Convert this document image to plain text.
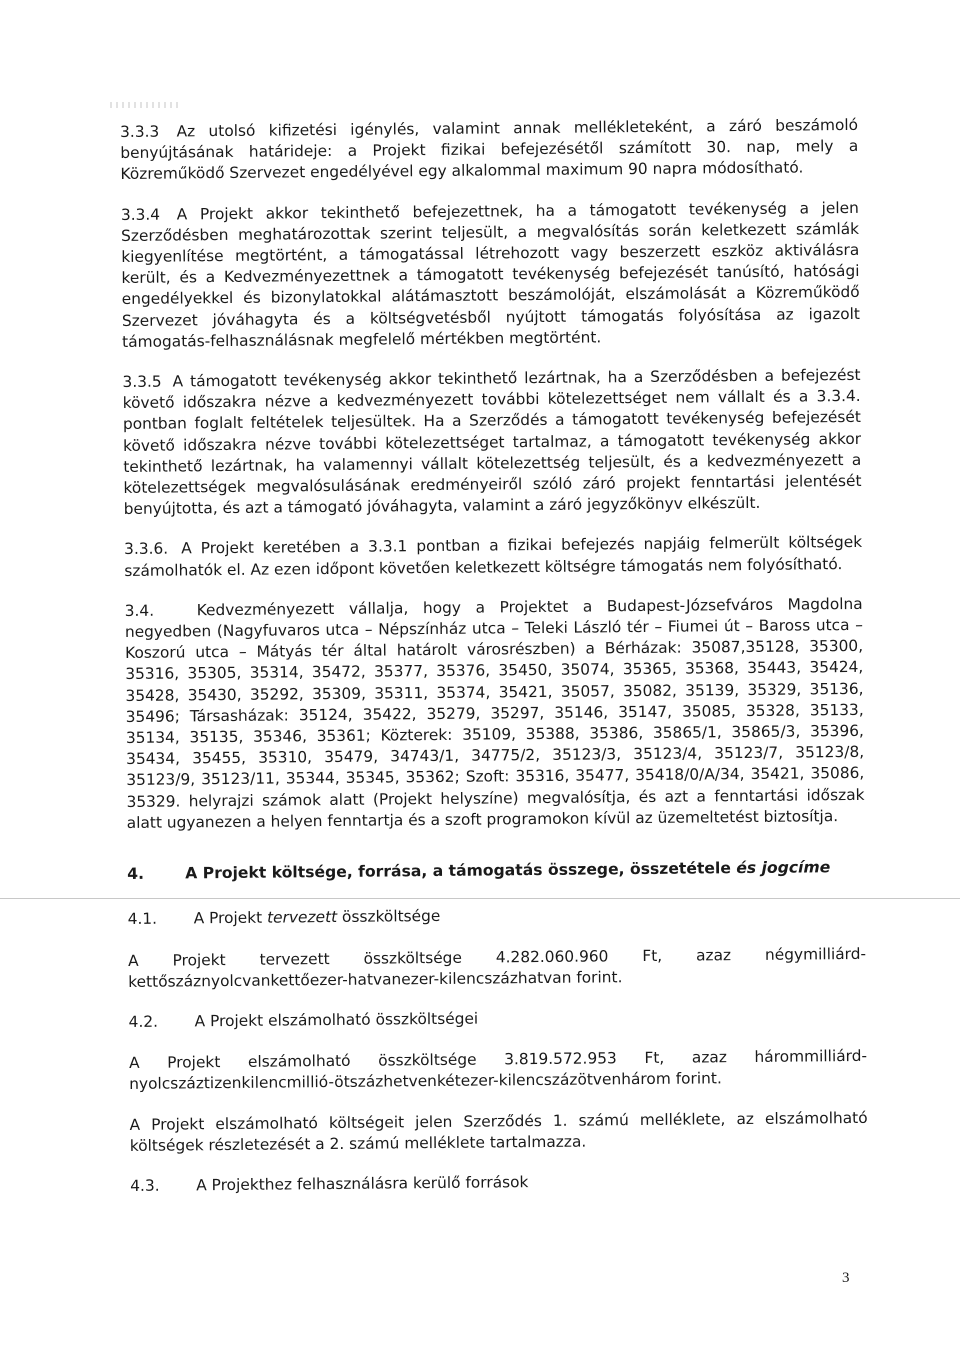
3.3.3 Az utolsó kifizetési igénylés, valamint annak mellékleteként, a záró beszámoló benyújtásának határideje: a Projekt fizikai befejezésétől számított 30. nap, mely a Közreműködő Szervezet engedélyével egy alkalommal maximum 90 napra módosítható.

3.3.4 A Projekt akkor tekinthető befejezettnek, ha a támogatott tevékenység a jelen Szerződésben meghatározottak szerint teljesült, a megvalósítás során keletkezett számlák kiegyenlítése megtörtént, a támogatással létrehozott vagy beszerzett eszköz aktiválásra került, és a Kedvezményezettnek a támogatott tevékenység befejezését tanúsító, hatósági engedélyekkel és bizonylatokkal alátámasztott beszámolóját, elszámolását a Közreműködő Szervezet jóváhagyta és a költségvetésből nyújtott támogatás folyósítása az igazolt támogatás-felhasználásnak megfelelő mértékben megtörtént.

3.3.5 A támogatott tevékenység akkor tekinthető lezártnak, ha a Szerződésben a befejezést követő időszakra nézve a kedvezményezett további kötelezettséget nem vállalt és a 3.3.4. pontban foglalt feltételek teljesültek. Ha a Szerződés a támogatott tevékenység befejezését követő időszakra nézve további kötelezettséget tartalmaz, a támogatott tevékenység akkor tekinthető lezártnak, ha valamennyi vállalt kötelezettség teljesült, és a kedvezményezett a kötelezettségek megvalósulásának eredményeiről szóló záró projekt fenntartási jelentését benyújtotta, és azt a támogató jóváhagyta, valamint a záró jegyzőkönyv elkészült.

3.3.6. A Projekt keretében a 3.3.1 pontban a fizikai befejezés napjáig felmerült költségek számolhatók el. Az ezen időpont követően keletkezett költségre támogatás nem folyósítható.

3.4.	Kedvezményezett vállalja, hogy a Projektet a Budapest-Józsefváros Magdolna negyedben (Nagyfuvaros utca – Népszínház utca – Teleki László tér – Fiumei út – Baross utca – Koszorú utca – Mátyás tér által határolt városrészben) a Bérházak: 35087,35128, 35300, 35316, 35305, 35314, 35472, 35377, 35376, 35450, 35074, 35365, 35368, 35443, 35424, 35428, 35430, 35292, 35309, 35311, 35374, 35421, 35057, 35082, 35139, 35329, 35136, 35496; Társasházak: 35124, 35422, 35279, 35297, 35146, 35147, 35085, 35328, 35133, 35134, 35135, 35346, 35361; Közterek: 35109, 35388, 35386, 35865/1, 35865/3, 35396, 35434, 35455, 35310, 35479, 34743/1, 34775/2, 35123/3, 35123/4, 35123/7, 35123/8, 35123/9, 35123/11, 35344, 35345, 35362; Szoft: 35316, 35477, 35418/0/A/34, 35421, 35086, 35329. helyrajzi számok alatt (Projekt helyszíne) megvalósítja, és azt a fenntartási időszak alatt ugyanezen a helyen fenntartja és a szoft programokon kívül az üzemeltetést biztosítja.

4.	A Projekt költsége, forrása, a támogatás összege, összetétele és jogcíme
4.1.	A Projekt tervezett összköltsége

A Projekt tervezett összköltsége 4.282.060.960 Ft, azaz négymilliárd-kettőszáznyolcvankettőezer-hatvanezer-kilencszázhatvan forint.

4.2.	A Projekt elszámolható összköltségei

A Projekt elszámolható összköltsége 3.819.572.953 Ft, azaz hárommilliárd-nyolcszáztizenkilencmillió-ötszázhetvenkétezer-kilencszázötvenhárom forint.

A Projekt elszámolható költségeit jelen Szerződés 1. számú melléklete, az elszámolható költségek részletezését a 2. számú melléklete tartalmazza.

4.3.	A Projekthez felhasználásra kerülő források
3
